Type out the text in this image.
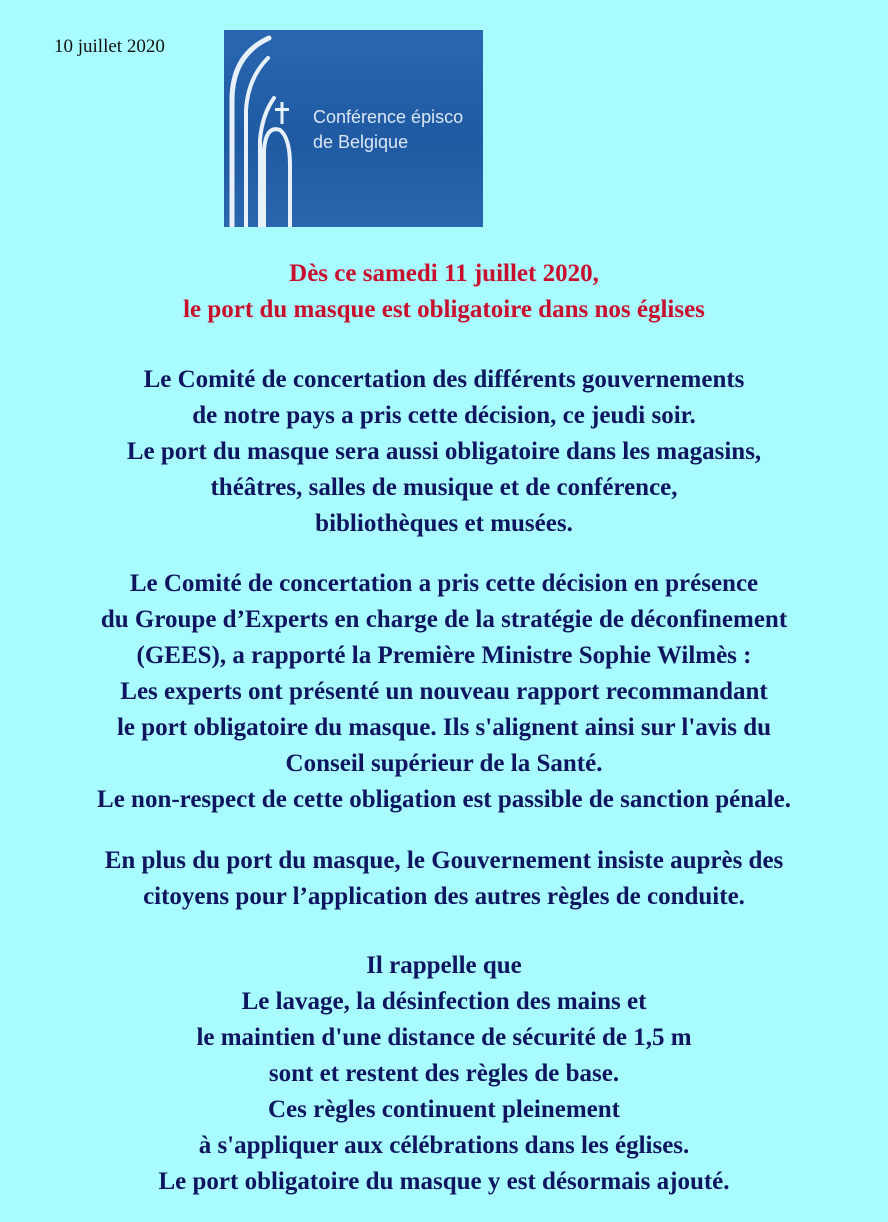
10 juillet 2020
Conférence épisco
de Belgique
Dès ce samedi 11 juillet 2020,
le port du masque est obligatoire dans nos églises
Le Comité de concertation des différents gouvernements
de notre pays a pris cette décision, ce jeudi soir.
Le port du masque sera aussi obligatoire dans les magasins,
théâtres, salles de musique et de conférence,
bibliothèques et musées.
Le Comité de concertation a pris cette décision en présence
du Groupe d’Experts en charge de la stratégie de déconfinement
(GEES), a rapporté la Première Ministre Sophie Wilmès :
Les experts ont présenté un nouveau rapport recommandant
le port obligatoire du masque. Ils s'alignent ainsi sur l'avis du
Conseil supérieur de la Santé.
Le non-respect de cette obligation est passible de sanction pénale.
En plus du port du masque, le Gouvernement insiste auprès des
citoyens pour l’application des autres règles de conduite.
Il rappelle que
Le lavage, la désinfection des mains et
le maintien d'une distance de sécurité de 1,5 m
sont et restent des règles de base.
Ces règles continuent pleinement
à s'appliquer aux célébrations dans les églises.
Le port obligatoire du masque y est désormais ajouté.
